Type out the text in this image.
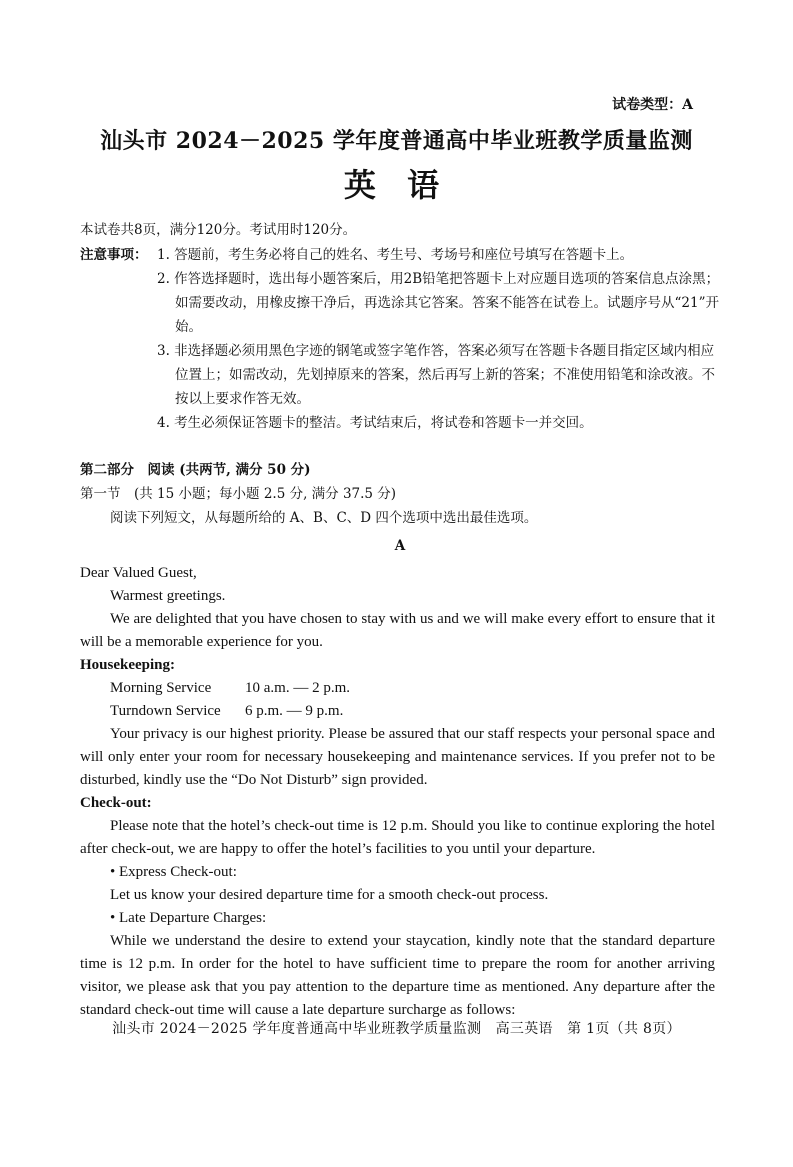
试卷类型：A
汕头市 2024－2025 学年度普通高中毕业班教学质量监测
英 语
本试卷共8页，满分120分。考试用时120分。
注意事项： 1. 答题前，考生务必将自己的姓名、考生号、考场号和座位号填写在答题卡上。
2. 作答选择题时，选出每小题答案后，用2B铅笔把答题卡上对应题目选项的答案信息点涂黑；如需要改动，用橡皮擦干净后，再选涂其它答案。答案不能答在试卷上。试题序号从“21”开始。
3. 非选择题必须用黑色字迹的钢笔或签字笔作答，答案必须写在答题卡各题目指定区域内相应位置上；如需改动，先划掉原来的答案，然后再写上新的答案；不准使用铅笔和涂改液。不按以上要求作答无效。
4. 考生必须保证答题卡的整洁。考试结束后，将试卷和答题卡一并交回。
第二部分　阅读 (共两节, 满分 50 分)
第一节　(共 15 小题；每小题 2.5 分, 满分 37.5 分)
阅读下列短文，从每题所给的 A、B、C、D 四个选项中选出最佳选项。
A

Dear Valued Guest,

Warmest greetings.

We are delighted that you have chosen to stay with us and we will make every effort to ensure that it will be a memorable experience for you.

Housekeeping:

Morning Service	10 a.m. — 2 p.m.
Turndown Service	6 p.m. — 9 p.m.

Your privacy is our highest priority. Please be assured that our staff respects your personal space and will only enter your room for necessary housekeeping and maintenance services. If you prefer not to be disturbed, kindly use the “Do Not Disturb” sign provided.

Check-out:

Please note that the hotel’s check-out time is 12 p.m. Should you like to continue exploring the hotel after check-out, we are happy to offer the hotel’s facilities to you until your departure.

• Express Check-out:

Let us know your desired departure time for a smooth check-out process.

• Late Departure Charges:

While we understand the desire to extend your staycation, kindly note that the standard departure time is 12 p.m. In order for the hotel to have sufficient time to prepare the room for another arriving visitor, we please ask that you pay attention to the departure time as mentioned. Any departure after the standard check-out time will cause a late departure surcharge as follows:

汕头市 2024－2025 学年度普通高中毕业班教学质量监测　高三英语　第 1页（共 8页）
